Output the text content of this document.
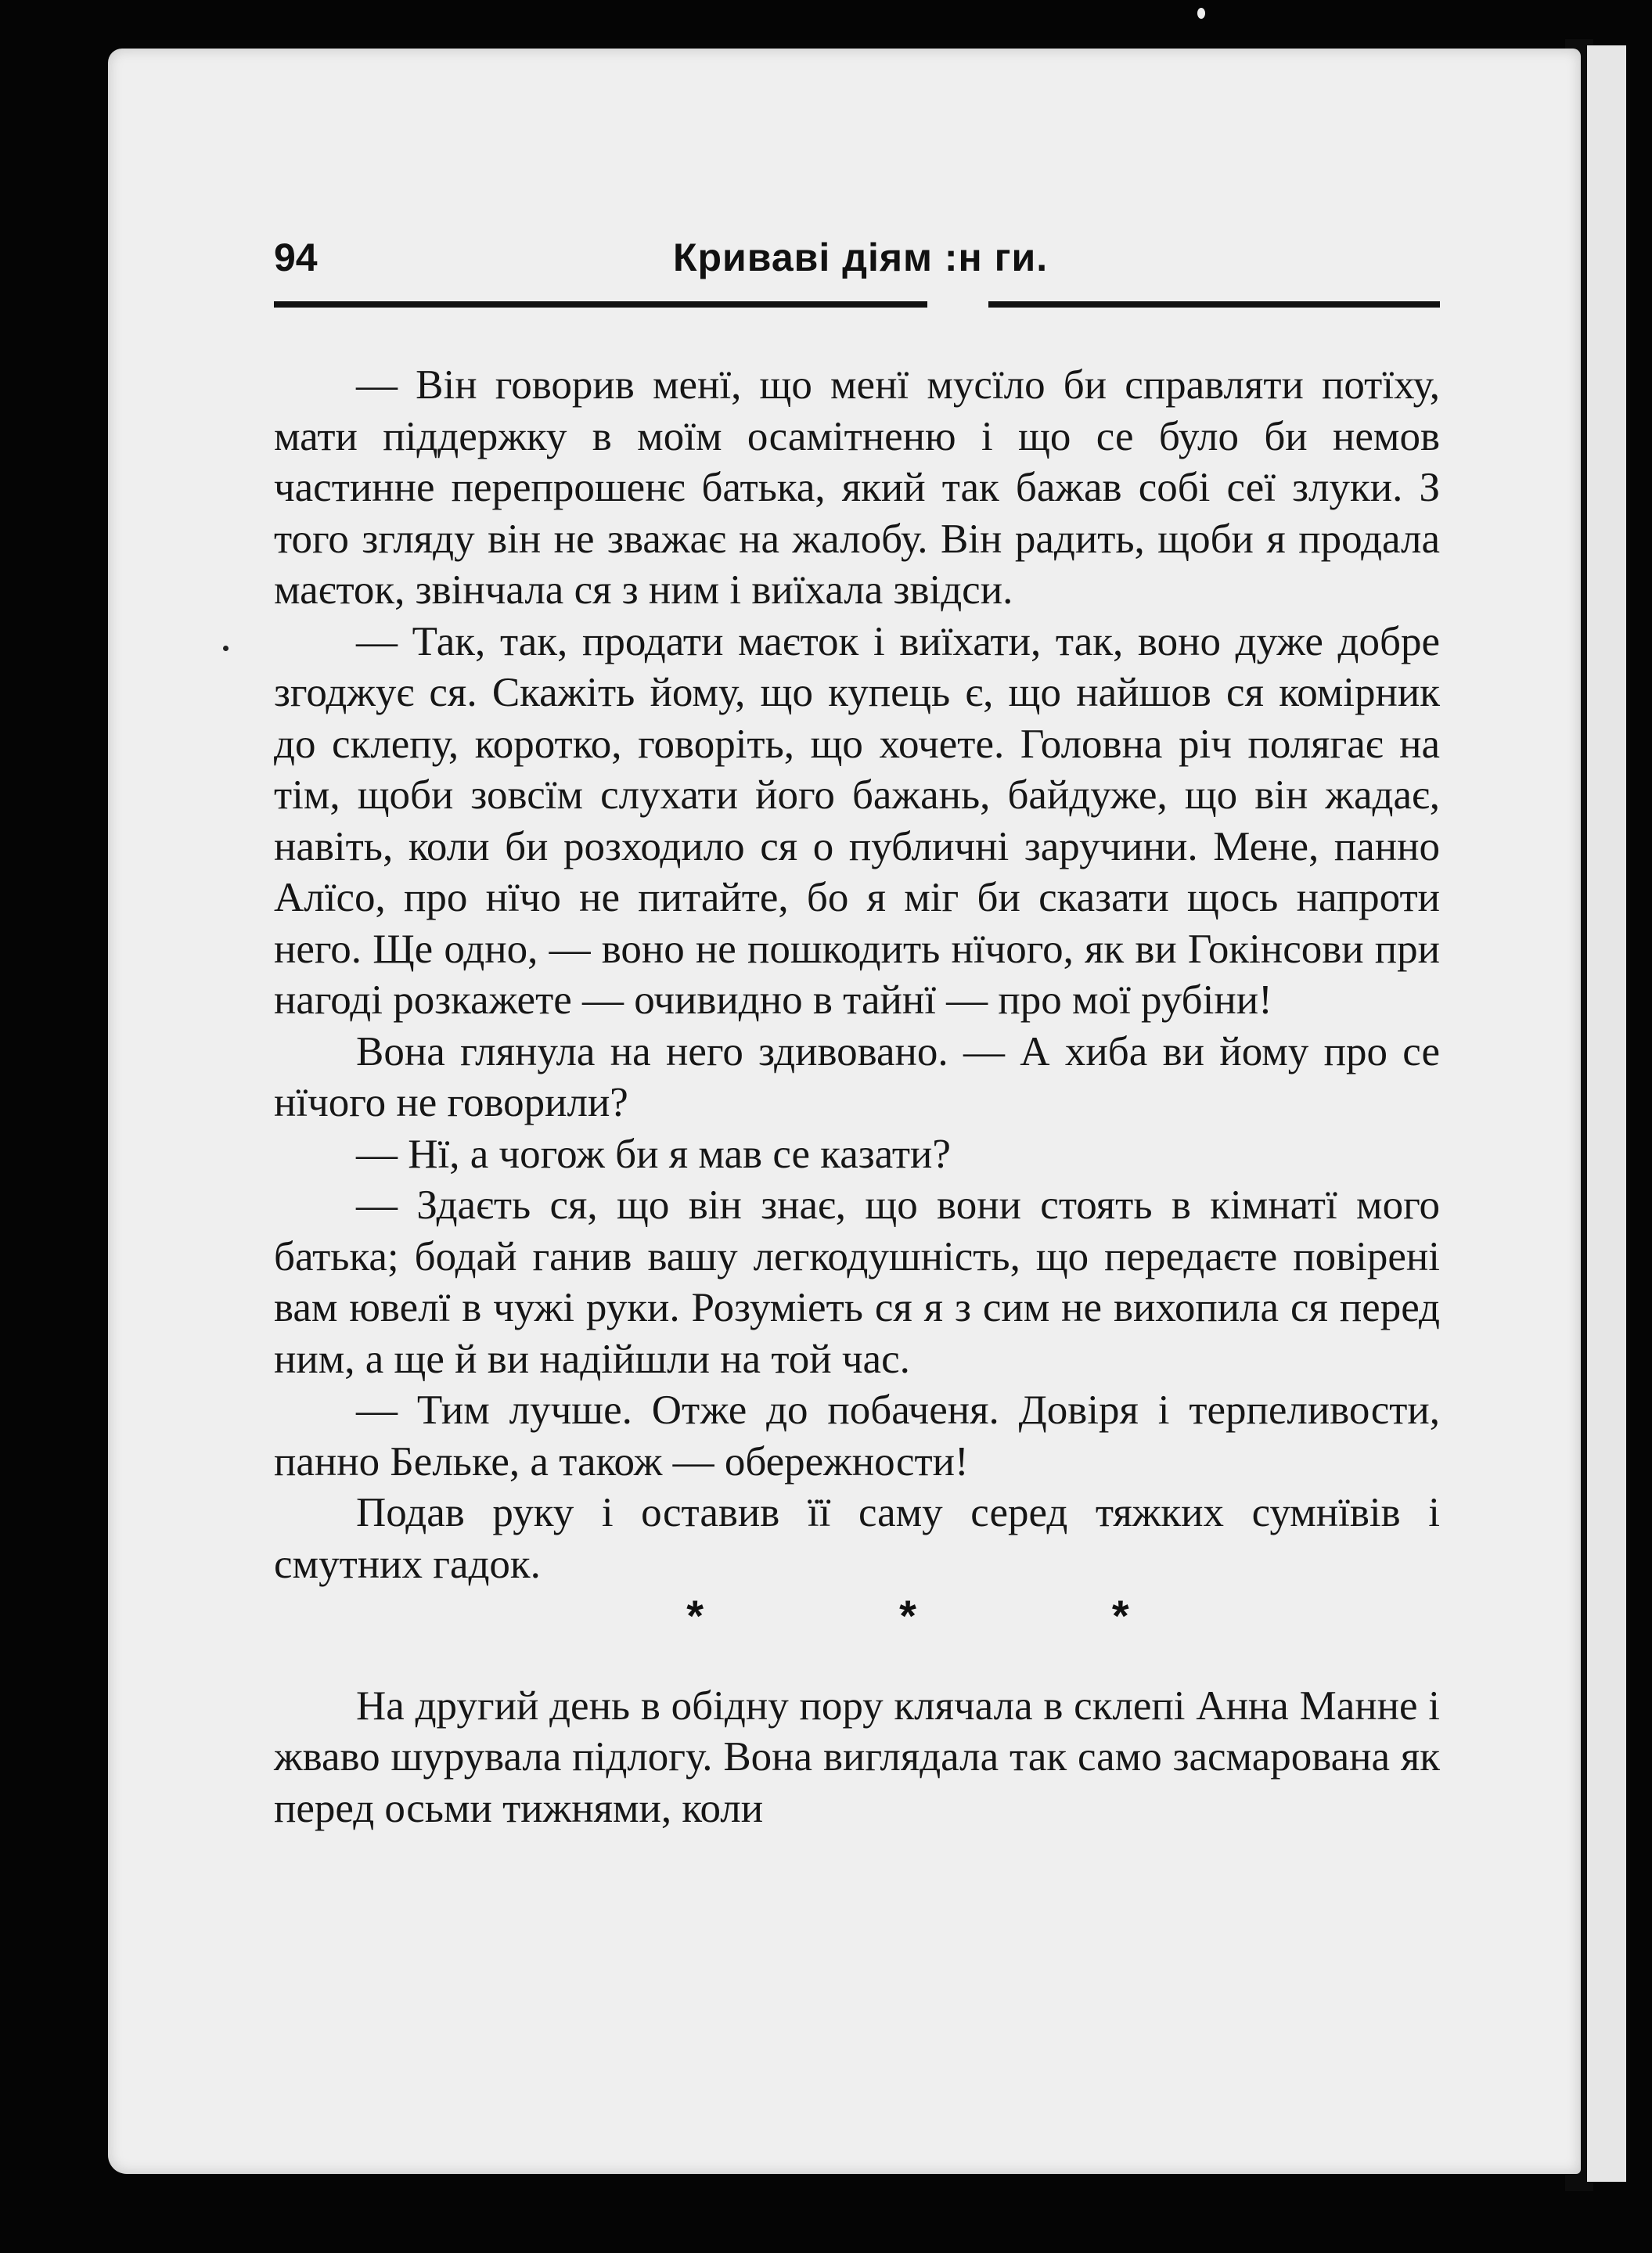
94	Криваві дiям :н ги.

— Він говорив менї, що менї мусїло би справляти потїху, мати піддержку в моїм осамітненю і що се було би немов частинне перепрошенє батька, який так бажав собі сеї злуки. З того згляду він не зважає на жалобу. Він радить, щоби я продала маєток, звінчала ся з ним і виїхала звідси.

— Так, так, продати маєток і виїхати, так, воно дуже добре згоджує ся. Скажіть йому, що купець є, що найшов ся комірник до склепу, коротко, говоріть, що хочете. Головна річ полягає на тім, щоби зовсїм слухати його бажань, байдуже, що він жадає, навіть, коли би розходило ся о публичні заручини. Мене, панно Алїсо, про нїчо не питайте, бо я міг би сказати щось напроти него. Ще одно, — воно не пошкодить нїчого, як ви Гокінсови при нагоді розкажете — очивидно в тайнї — про мої рубіни!

Вона глянула на него здивовано. — А хиба ви йому про се нїчого не говорили?

— Нї, а чогож би я мав се казати?

— Здаєть ся, що він знає, що вони стоять в кімнатї мого батька; бодай ганив вашу легкодушність, що передаєте повірені вам ювелї в чужі руки. Розуміеть ся я з сим не вихопила ся перед ним, а ще й ви надійшли на той час.

— Тим лучше. Отже до побаченя. Довіря і терпеливости, панно Бельке, а також — обережности!

Подав руку і оставив її саму серед тяжких сумнївів і смутних гадок.

*	*	*

На другий день в обідну пору клячала в склепі Анна Манне і жваво шурувала підлогу. Вона виглядала так само засмарована як перед осьми тижнями, коли
